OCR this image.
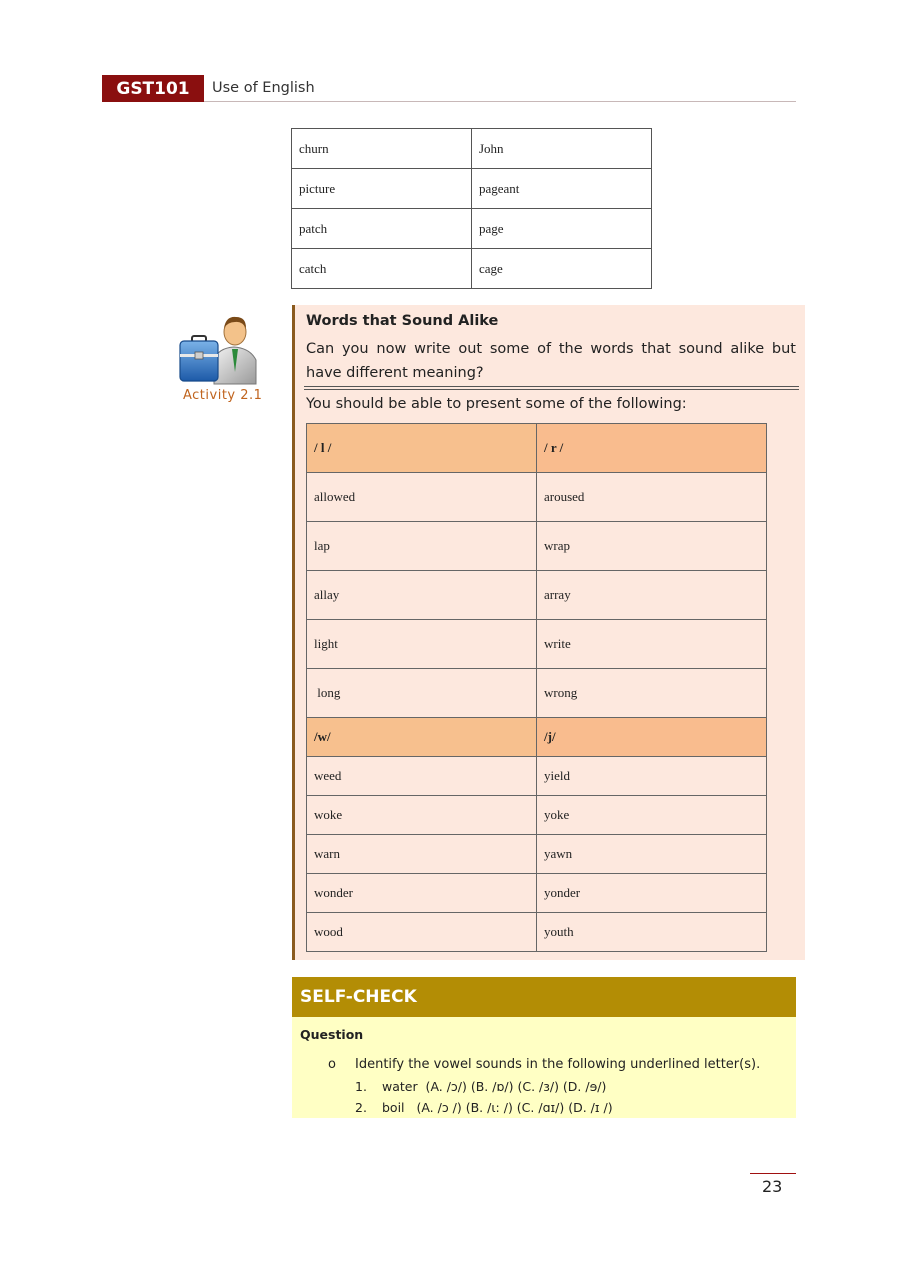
GST101	Use of English
churn	John
picture	pageant
patch	page
catch	cage
Activity 2.1
Words that Sound Alike
Can you now write out some of the words that sound alike but have different meaning?
You should be able to present some of the following:
/ l /	/ r /
allowed	aroused
lap	wrap
allay	array
light	write
long	wrong
/w/	/j/
weed	yield
woke	yoke
warn	yawn
wonder	yonder
wood	youth
SELF-CHECK
Question
o Identify the vowel sounds in the following underlined letter(s).
1. water  (A. /ɔ/) (B. /ɒ/) (C. /ɜ/) (D. /ɘ/)
2. boil   (A. /ɔ /) (B. /ɩ: /) (C. /ɑɪ/) (D. /ɪ /)
23
